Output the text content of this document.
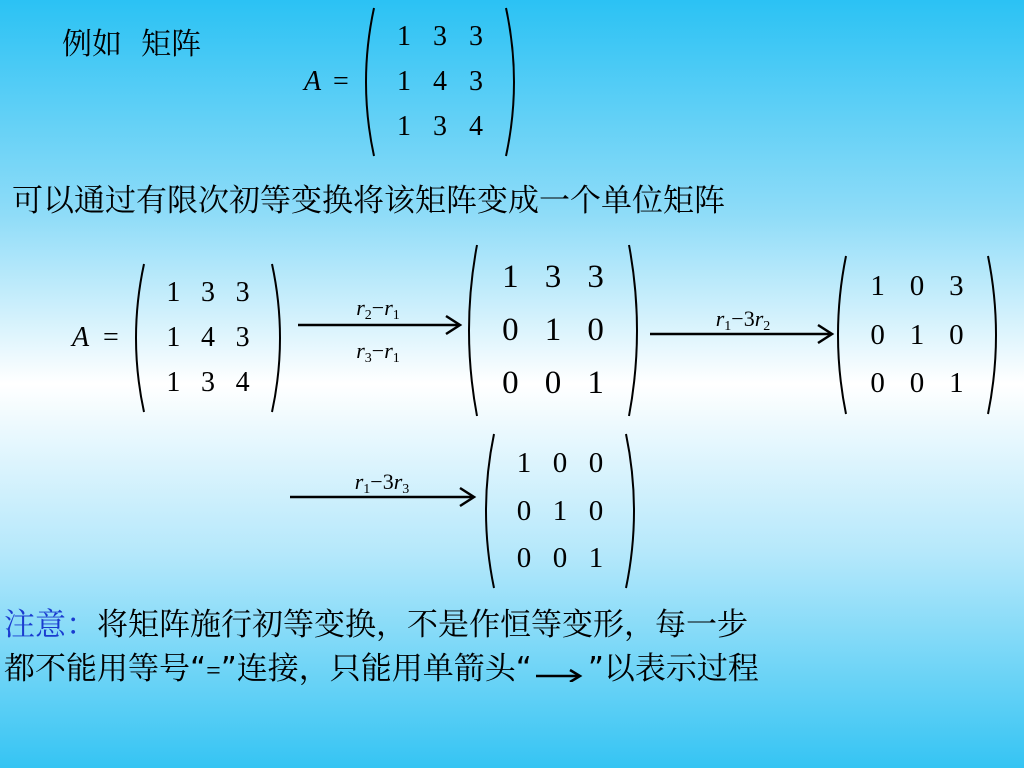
例如 矩阵
A =
1 3 3
1 4 3
1 3 4
可以通过有限次初等变换将该矩阵变成一个单位矩阵
A =
1 3 3
1 4 3
1 3 4
$r_2-r_1$
$r_3-r_1$
1 3 3
0 1 0
0 0 1
$r_1-3r_2$
1 0 3
0 1 0
0 0 1
$r_1-3r_3$
1 0 0
0 1 0
0 0 1
注意：将矩阵施行初等变换，不是作恒等变形，每一步
都不能用等号“=”连接，只能用单箭头“ ”以表示过程
